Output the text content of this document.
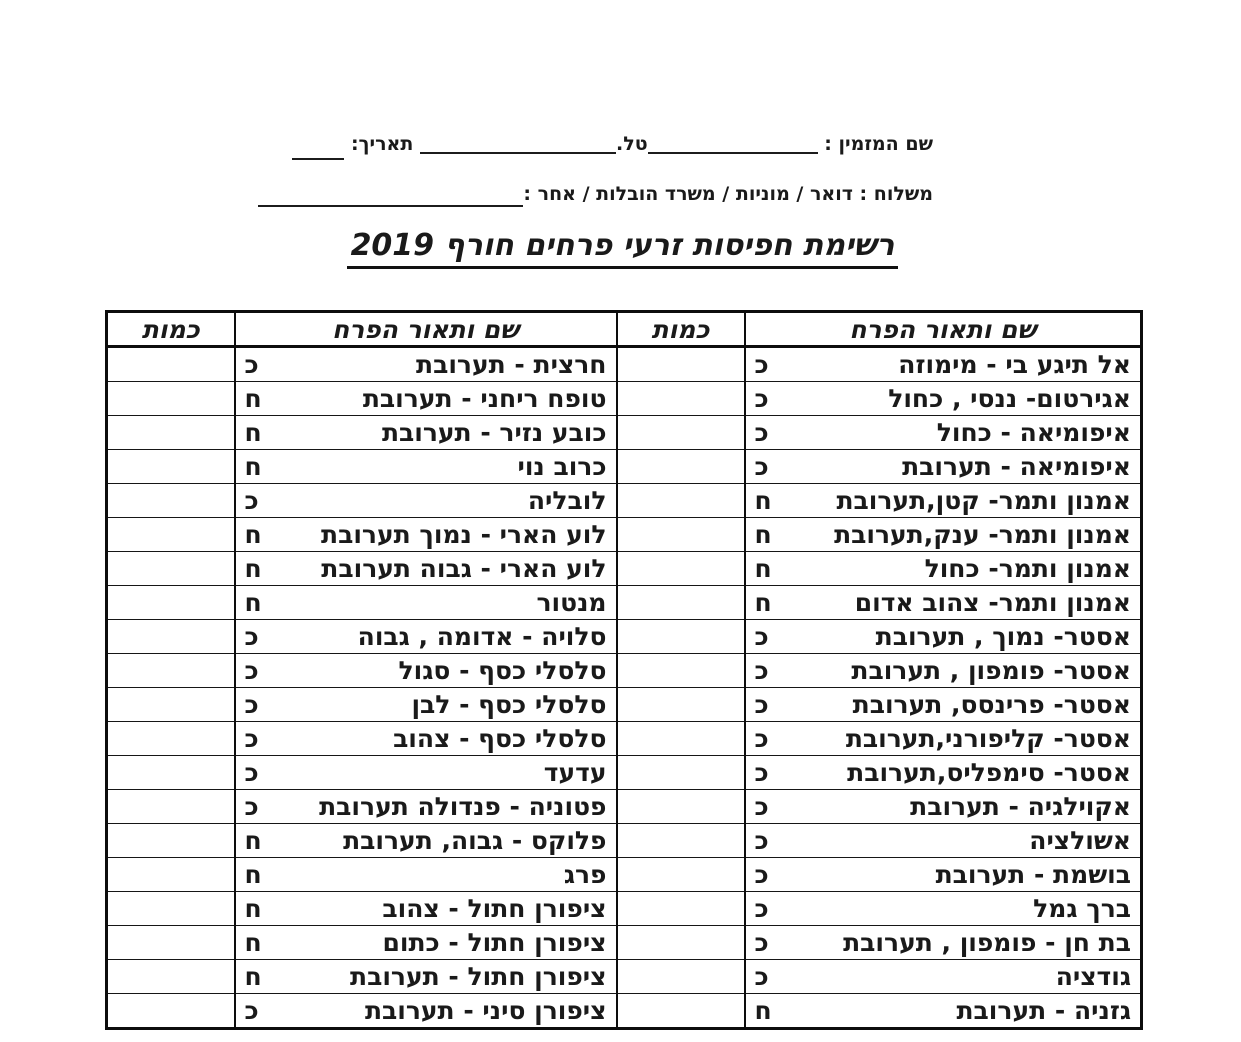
שם המזמין : טל. תאריך:
משלוח : דואר / מוניות / משרד הובלות / אחר :
רשימת חפיסות זרעי פרחים חורף 2019
כמות	שם ותאור הפרח	כמות	שם ותאור הפרח

	כ חרצית - תערובת		כ אל תיגע בי - מימוזה

	ח טופח ריחני - תערובת		כ אגירטום- ננסי , כחול

	ח כובע נזיר - תערובת		כ איפומיאה - כחול

	ח כרוב נוי		כ איפומיאה - תערובת

	כ לובליה		ח אמנון ותמר- קטן,תערובת

	ח לוע הארי - נמוך תערובת		ח אמנון ותמר- ענק,תערובת

	ח לוע הארי - גבוה תערובת		ח אמנון ותמר- כחול

	ח מנטור		ח אמנון ותמר- צהוב אדום

	כ סלויה - אדומה , גבוה		כ אסטר- נמוך , תערובת

	כ סלסלי כסף - סגול		כ אסטר- פומפון , תערובת

	כ סלסלי כסף - לבן		כ אסטר- פרינסס, תערובת

	כ סלסלי כסף - צהוב		כ אסטר- קליפורני,תערובת

	כ עדעד		כ אסטר- סימפליס,תערובת

	כ פטוניה - פנדולה תערובת		כ אקוילגיה - תערובת

	ח פלוקס - גבוה, תערובת		כ אשולציה

	ח פרג		כ בושמת - תערובת

	ח ציפורן חתול - צהוב		כ ברך גמל

	ח ציפורן חתול - כתום		כ בת חן - פומפון , תערובת

	ח ציפורן חתול - תערובת		כ גודציה

	כ ציפורן סיני - תערובת		ח גזניה - תערובת
